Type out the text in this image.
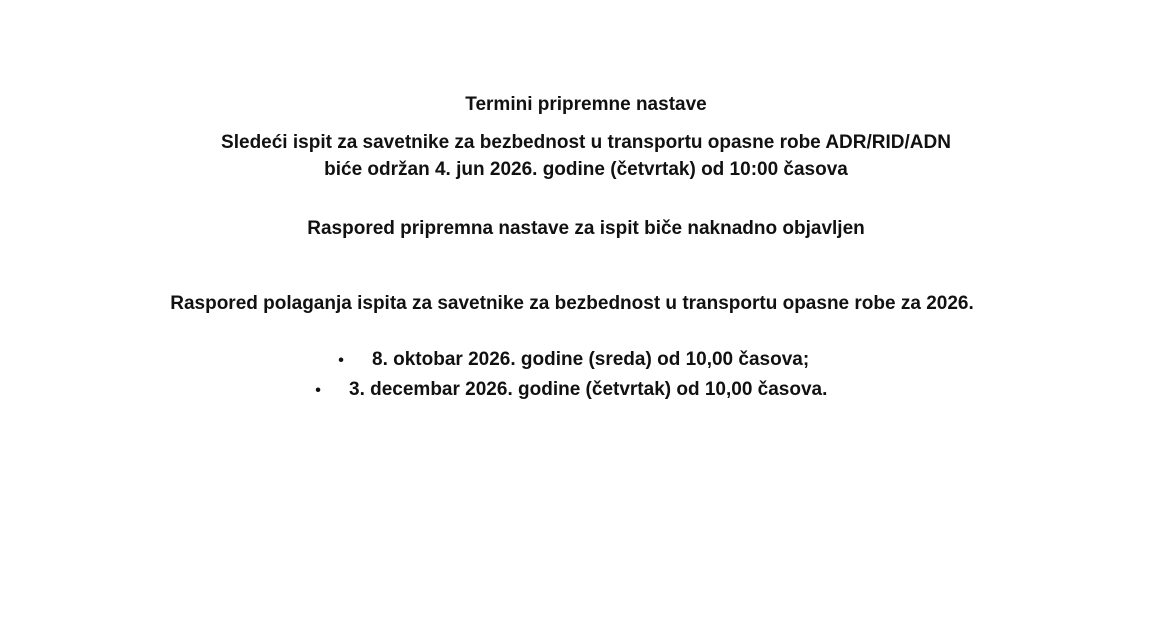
Termini pripremne nastave
Sledeći ispit za savetnike za bezbednost u transportu opasne robe ADR/RID/ADN
biće održan 4. jun 2026. godine (četvrtak) od 10:00 časova
Raspored pripremna nastave za ispit biče naknadno objavljen
Raspored polaganja ispita za savetnike za bezbednost u transportu opasne robe za 2026.
• 8. oktobar 2026. godine (sreda) od 10,00 časova;
• 3. decembar 2026. godine (četvrtak) od 10,00 časova.
